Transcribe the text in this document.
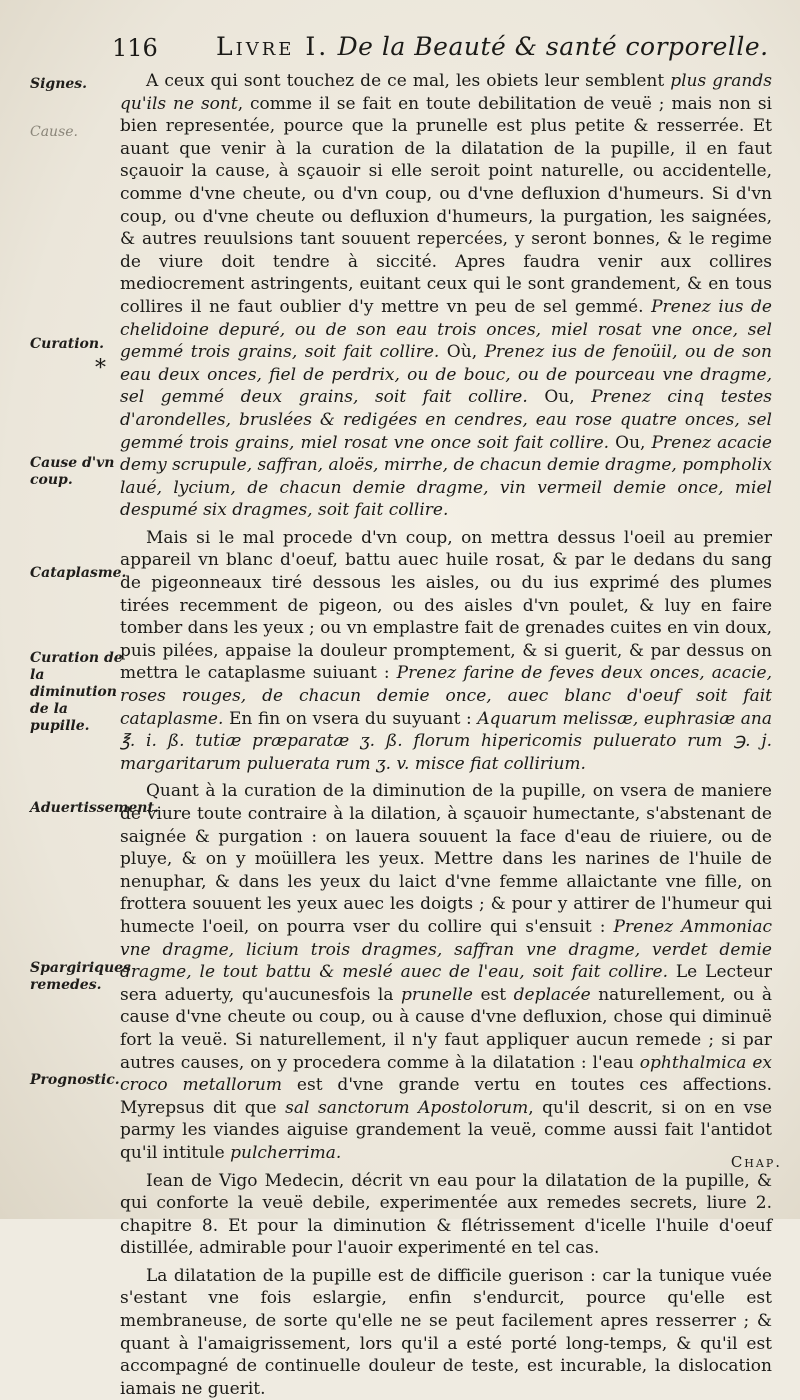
116 Livre I. De la Beauté & santé corporelle.
Signes.
Cause.
Curation.
Cause d'vn coup.
Cataplasme.
Curation de la diminution de la pupille.
Aduertissement.
Spargiriques remedes.
Prognostic.
*

A ceux qui sont touchez de ce mal, les obiets leur semblent plus grands qu'ils ne sont, comme il se fait en toute debilitation de veuë ; mais non si bien representée, pource que la prunelle est plus petite & resserrée. Et auant que venir à la curation de la dilatation de la pupille, il en faut sçauoir la cause, à sçauoir si elle seroit point naturelle, ou accidentelle, comme d'vne cheute, ou d'vn coup, ou d'vne defluxion d'humeurs. Si d'vn coup, ou d'vne cheute ou defluxion d'humeurs, la purgation, les saignées, & autres reuulsions tant souuent repercées, y seront bonnes, & le regime de viure doit tendre à siccité. Apres faudra venir aux collires mediocrement astringents, euitant ceux qui le sont grandement, & en tous collires il ne faut oublier d'y mettre vn peu de sel gemmé. Prenez ius de chelidoine depuré, ou de son eau trois onces, miel rosat vne once, sel gemmé trois grains, soit fait collire. Où, Prenez ius de fenoüil, ou de son eau deux onces, fiel de perdrix, ou de bouc, ou de pourceau vne dragme, sel gemmé deux grains, soit fait collire. Ou, Prenez cinq testes d'arondelles, bruslées & redigées en cendres, eau rose quatre onces, sel gemmé trois grains, miel rosat vne once soit fait collire. Ou, Prenez acacie demy scrupule, saffran, aloës, mirrhe, de chacun demie dragme, pompholix laué, lycium, de chacun demie dragme, vin vermeil demie once, miel despumé six dragmes, soit fait collire.

Mais si le mal procede d'vn coup, on mettra dessus l'oeil au premier appareil vn blanc d'oeuf, battu auec huile rosat, & par le dedans du sang de pigeonneaux tiré dessous les aisles, ou du ius exprimé des plumes tirées recemment de pigeon, ou des aisles d'vn poulet, & luy en faire tomber dans les yeux ; ou vn emplastre fait de grenades cuites en vin doux, puis pilées, appaise la douleur promptement, & si guerit, & par dessus on mettra le cataplasme suiuant : Prenez farine de feves deux onces, acacie, roses rouges, de chacun demie once, auec blanc d'oeuf soit fait cataplasme. En fin on vsera du suyuant : Aquarum melissæ, euphrasiæ ana ℥. i. ß. tutiæ præparatæ ʒ. ß. florum hipericomis puluerato rum ℈. j. margaritarum puluerata rum ʒ. v. misce fiat collirium.

Quant à la curation de la diminution de la pupille, on vsera de maniere de viure toute contraire à la dilation, à sçauoir humectante, s'abstenant de saignée & purgation : on lauera souuent la face d'eau de riuiere, ou de pluye, & on y moüillera les yeux. Mettre dans les narines de l'huile de nenuphar, & dans les yeux du laict d'vne femme allaictante vne fille, on frottera souuent les yeux auec les doigts ; & pour y attirer de l'humeur qui humecte l'oeil, on pourra vser du collire qui s'ensuit : Prenez Ammoniac vne dragme, licium trois dragmes, saffran vne dragme, verdet demie dragme, le tout battu & meslé auec de l'eau, soit fait collire. Le Lecteur sera aduerty, qu'aucunesfois la prunelle est deplacée naturellement, ou à cause d'vne cheute ou coup, ou à cause d'vne defluxion, chose qui diminuë fort la veuë. Si naturellement, il n'y faut appliquer aucun remede ; si par autres causes, on y procedera comme à la dilatation : l'eau ophthalmica ex croco metallorum est d'vne grande vertu en toutes ces affections. Myrepsus dit que sal sanctorum Apostolorum, qu'il descrit, si on en vse parmy les viandes aiguise grandement la veuë, comme aussi fait l'antidot qu'il intitule pulcherrima.

Iean de Vigo Medecin, décrit vn eau pour la dilatation de la pupille, & qui conforte la veuë debile, experimentée aux remedes secrets, liure 2. chapitre 8. Et pour la diminution & flétrissement d'icelle l'huile d'oeuf distillée, admirable pour l'auoir experimenté en tel cas.

La dilatation de la pupille est de difficile guerison : car la tunique vuée s'estant vne fois eslargie, enfin s'endurcit, pource qu'elle est membraneuse, de sorte qu'elle ne se peut facilement apres resserrer ; & quant à l'amaigrissement, lors qu'il a esté porté long-temps, & qu'il est accompagné de continuelle douleur de teste, est incurable, la dislocation iamais ne guerit.

Chap.
